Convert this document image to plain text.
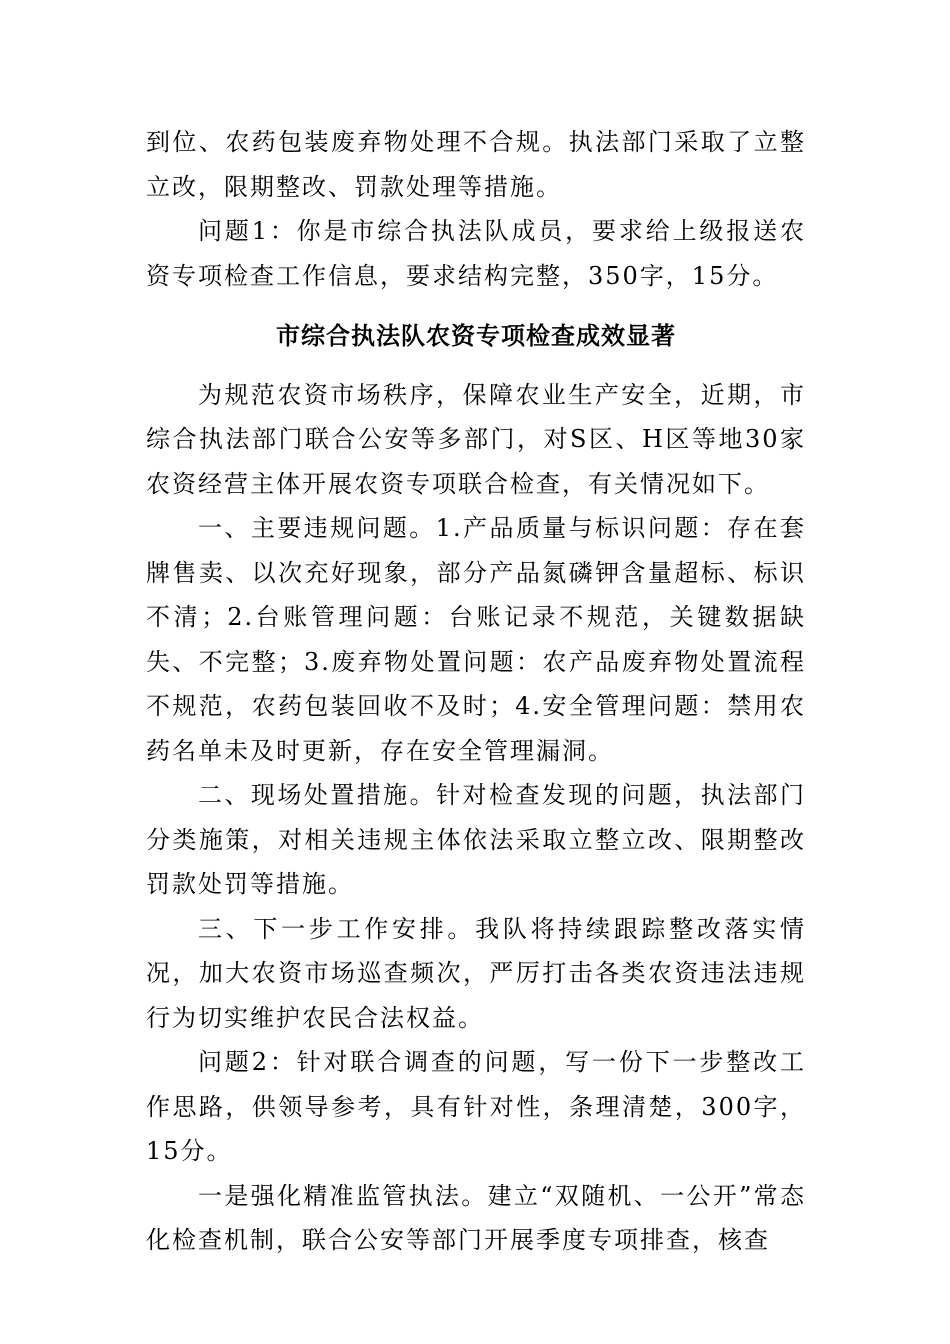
到位、农药包装废弃物处理不合规。执法部门采取了立整立改，限期整改、罚款处理等措施。

问题1：你是市综合执法队成员，要求给上级报送农资专项检查工作信息，要求结构完整，350字，15分。

市综合执法队农资专项检查成效显著

为规范农资市场秩序，保障农业生产安全，近期，市综合执法部门联合公安等多部门，对S区、H区等地30家农资经营主体开展农资专项联合检查，有关情况如下。

一、主要违规问题。1.产品质量与标识问题：存在套牌售卖、以次充好现象，部分产品氮磷钾含量超标、标识不清；2.台账管理问题：台账记录不规范，关键数据缺失、不完整；3.废弃物处置问题：农产品废弃物处置流程不规范，农药包装回收不及时；4.安全管理问题：禁用农药名单未及时更新，存在安全管理漏洞。

二、现场处置措施。针对检查发现的问题，执法部门分类施策，对相关违规主体依法采取立整立改、限期整改罚款处罚等措施。

三、下一步工作安排。我队将持续跟踪整改落实情况，加大农资市场巡查频次，严厉打击各类农资违法违规行为切实维护农民合法权益。

问题2：针对联合调查的问题，写一份下一步整改工作思路，供领导参考，具有针对性，条理清楚，300字，15分。

一是强化精准监管执法。建立“双随机、一公开”常态化检查机制，联合公安等部门开展季度专项排查，核查
